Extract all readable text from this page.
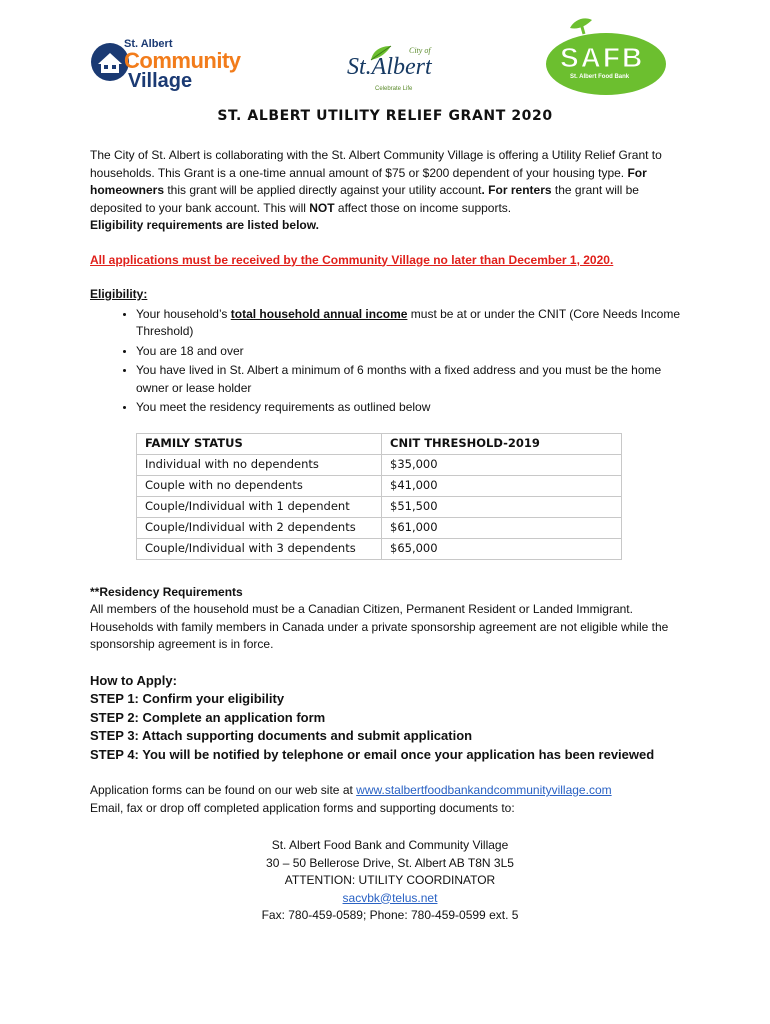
St. Albert
Community
Village
City of
St.Albert
Celebrate Life
SAFB
St. Albert Food Bank
ST. ALBERT UTILITY RELIEF GRANT 2020

The City of St. Albert is collaborating with the St. Albert Community Village is offering a Utility Relief Grant to households. This Grant is a one-time annual amount of $75 or $200 dependent of your housing type. For homeowners this grant will be applied directly against your utility account. For renters the grant will be deposited to your bank account. This will NOT affect those on income supports.
Eligibility requirements are listed below.

All applications must be received by the Community Village no later than December 1, 2020.

Eligibility:

• Your household’s total household annual income must be at or under the CNIT (Core Needs Income Threshold)
• You are 18 and over
• You have lived in St. Albert a minimum of 6 months with a fixed address and you must be the home owner or lease holder
• You meet the residency requirements as outlined below
FAMILY STATUS	CNIT THRESHOLD-2019
Individual with no dependents	$35,000
Couple with no dependents	$41,000
Couple/Individual with 1 dependent	$51,500
Couple/Individual with 2 dependents	$61,000
Couple/Individual with 3 dependents	$65,000

**Residency Requirements

All members of the household must be a Canadian Citizen, Permanent Resident or Landed Immigrant. Households with family members in Canada under a private sponsorship agreement are not eligible while the sponsorship agreement is in force.

How to Apply:

STEP 1: Confirm your eligibility

STEP 2: Complete an application form

STEP 3: Attach supporting documents and submit application

STEP 4: You will be notified by telephone or email once your application has been reviewed

Application forms can be found on our web site at www.stalbertfoodbankandcommunityvillage.com
Email, fax or drop off completed application forms and supporting documents to:

St. Albert Food Bank and Community Village

30 – 50 Bellerose Drive, St. Albert AB T8N 3L5

ATTENTION: UTILITY COORDINATOR

sacvbk@telus.net

Fax: 780-459-0589; Phone: 780-459-0599 ext. 5
